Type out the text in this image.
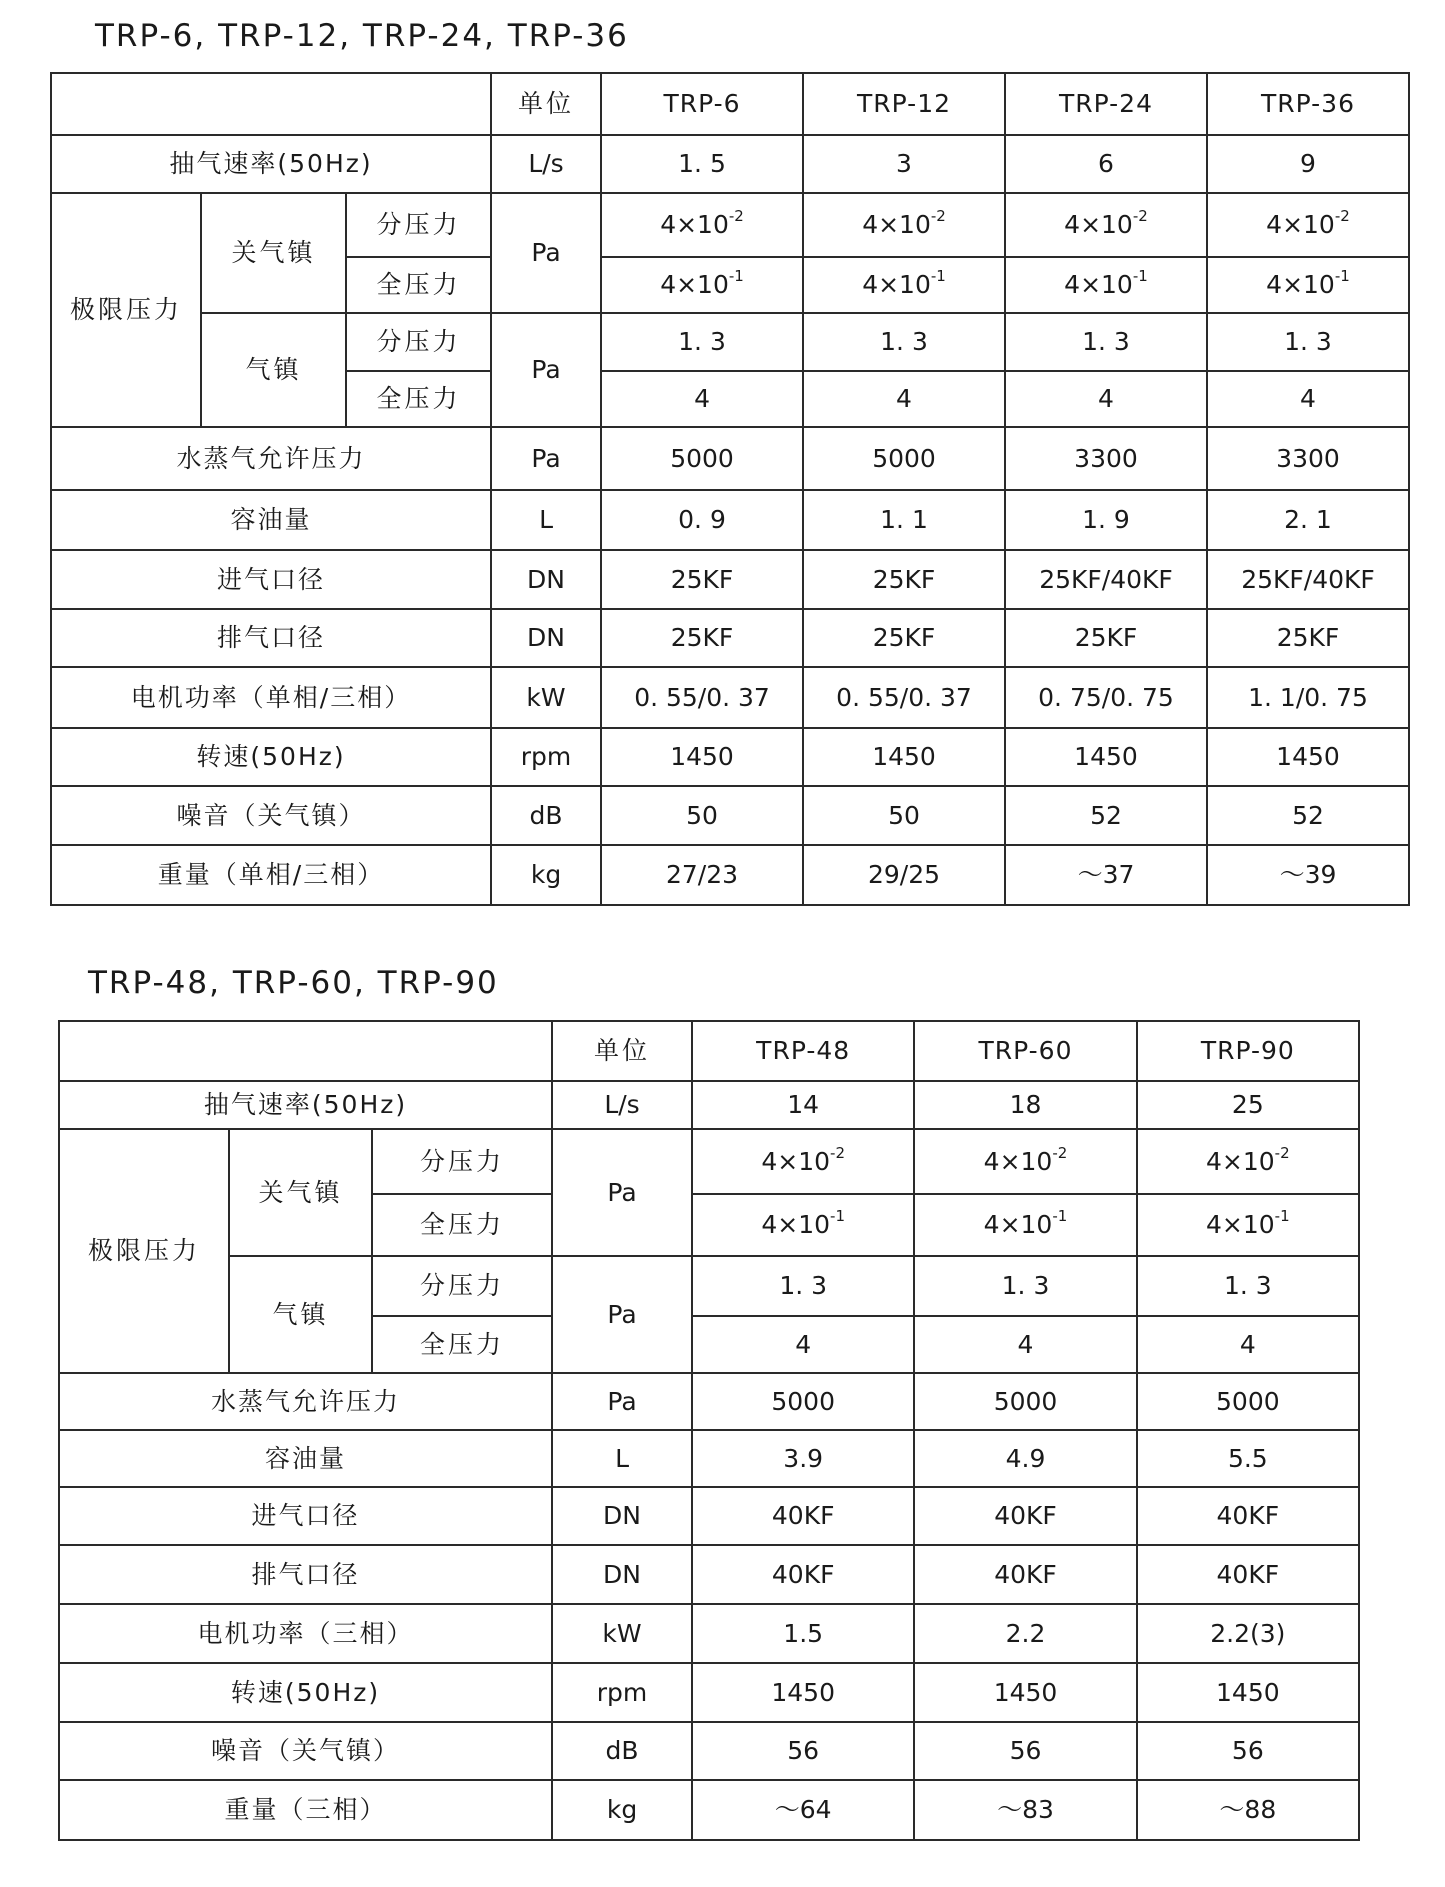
TRP-6, TRP-12, TRP-24, TRP-36
			单位	TRP-6	TRP-12	TRP-24	TRP-36
抽气速率(50Hz)			L/s	1. 5	3	6	9
极限压力	关气镇	分压力	Pa	$4\times 10^{-2}$	$4\times 10^{-2}$	$4\times 10^{-2}$	$4\times 10^{-2}$
		全压力		$4\times 10^{-1}$	$4\times 10^{-1}$	$4\times 10^{-1}$	$4\times 10^{-1}$
	气镇	分压力	Pa	1. 3	1. 3	1. 3	1. 3
		全压力		4	4	4	4
水蒸气允许压力			Pa	5000	5000	3300	3300
容油量			L	0. 9	1. 1	1. 9	2. 1
进气口径			DN	25KF	25KF	25KF/40KF	25KF/40KF
排气口径			DN	25KF	25KF	25KF	25KF
电机功率（单相/三相）			kW	0. 55/0. 37	0. 55/0. 37	0. 75/0. 75	1. 1/0. 75
转速(50Hz)			rpm	1450	1450	1450	1450
噪音（关气镇）			dB	50	50	52	52
重量（单相/三相）			kg	27/23	29/25	～37	～39
TRP-48, TRP-60, TRP-90
			单位	TRP-48	TRP-60	TRP-90
抽气速率(50Hz)			L/s	14	18	25
极限压力	关气镇	分压力	Pa	$4\times 10^{-2}$	$4\times 10^{-2}$	$4\times 10^{-2}$
		全压力		$4\times 10^{-1}$	$4\times 10^{-1}$	$4\times 10^{-1}$
	气镇	分压力	Pa	1. 3	1. 3	1. 3
		全压力		4	4	4
水蒸气允许压力			Pa	5000	5000	5000
容油量			L	3.9	4.9	5.5
进气口径			DN	40KF	40KF	40KF
排气口径			DN	40KF	40KF	40KF
电机功率（三相）			kW	1.5	2.2	2.2(3)
转速(50Hz)			rpm	1450	1450	1450
噪音（关气镇）			dB	56	56	56
重量（三相）			kg	～64	～83	～88
